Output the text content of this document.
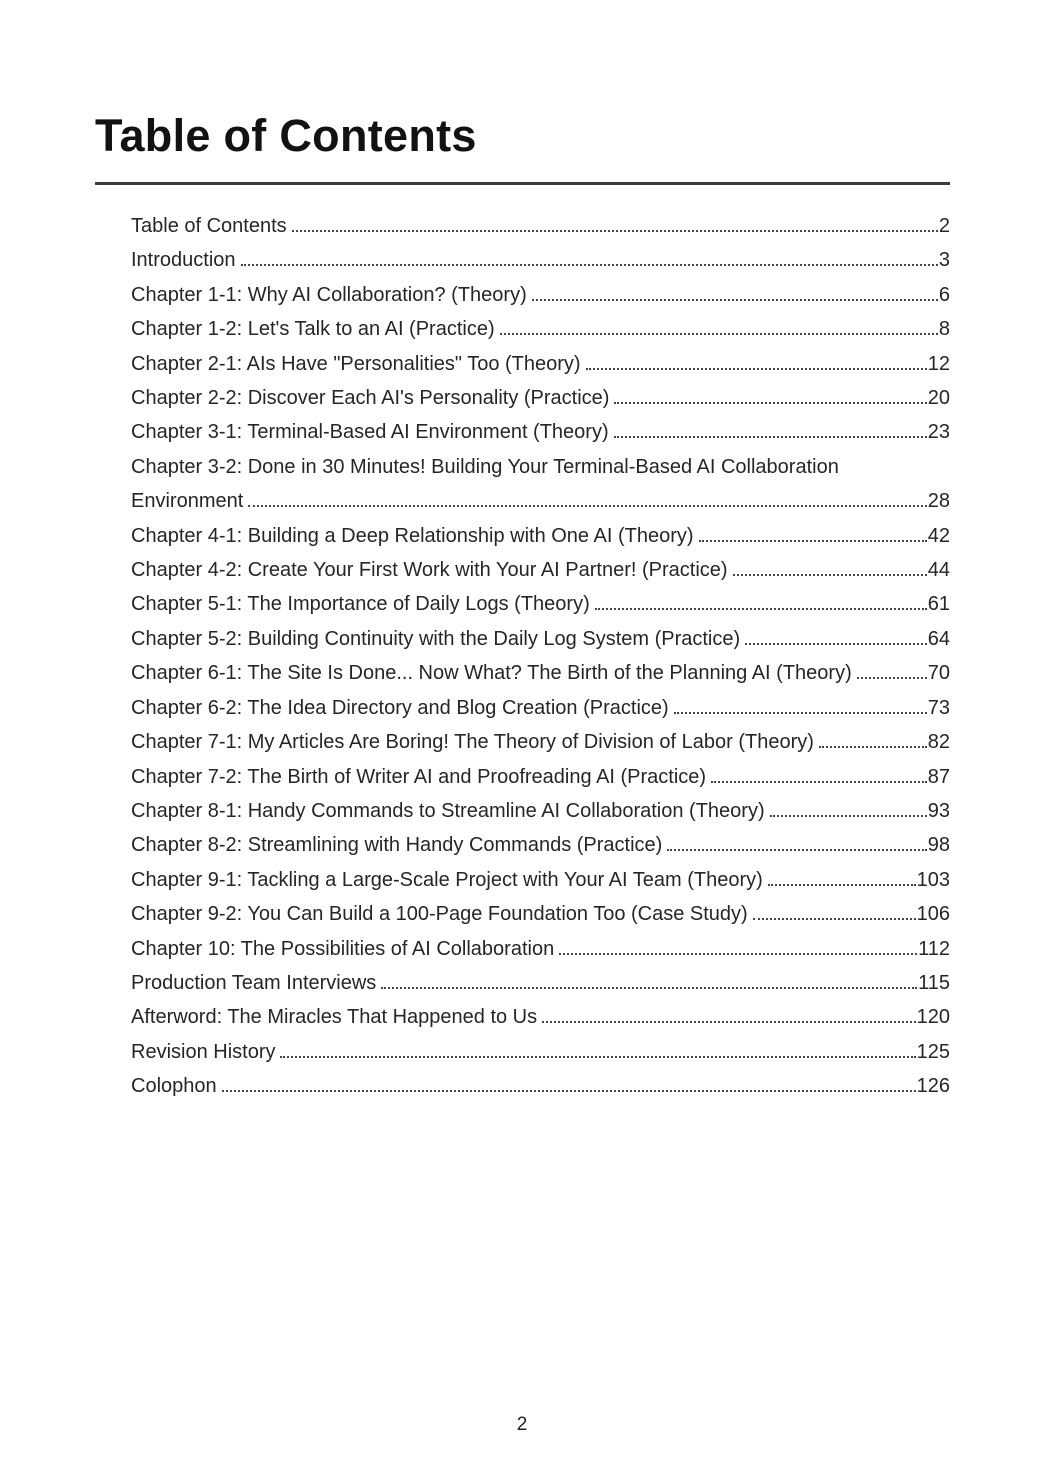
Table of Contents
Table of Contents	2
Introduction	3
Chapter 1-1: Why AI Collaboration? (Theory)	6
Chapter 1-2: Let's Talk to an AI (Practice)	8
Chapter 2-1: AIs Have "Personalities" Too (Theory)	12
Chapter 2-2: Discover Each AI's Personality (Practice)	20
Chapter 3-1: Terminal-Based AI Environment (Theory)	23
Chapter 3-2: Done in 30 Minutes! Building Your Terminal-Based AI Collaboration
Environment	28
Chapter 4-1: Building a Deep Relationship with One AI (Theory)	42
Chapter 4-2: Create Your First Work with Your AI Partner! (Practice)	44
Chapter 5-1: The Importance of Daily Logs (Theory)	61
Chapter 5-2: Building Continuity with the Daily Log System (Practice)	64
Chapter 6-1: The Site Is Done... Now What? The Birth of the Planning AI (Theory)	70
Chapter 6-2: The Idea Directory and Blog Creation (Practice)	73
Chapter 7-1: My Articles Are Boring! The Theory of Division of Labor (Theory)	82
Chapter 7-2: The Birth of Writer AI and Proofreading AI (Practice)	87
Chapter 8-1: Handy Commands to Streamline AI Collaboration (Theory)	93
Chapter 8-2: Streamlining with Handy Commands (Practice)	98
Chapter 9-1: Tackling a Large-Scale Project with Your AI Team (Theory)	103
Chapter 9-2: You Can Build a 100-Page Foundation Too (Case Study)	106
Chapter 10: The Possibilities of AI Collaboration	112
Production Team Interviews	115
Afterword: The Miracles That Happened to Us	120
Revision History	125
Colophon	126
2
